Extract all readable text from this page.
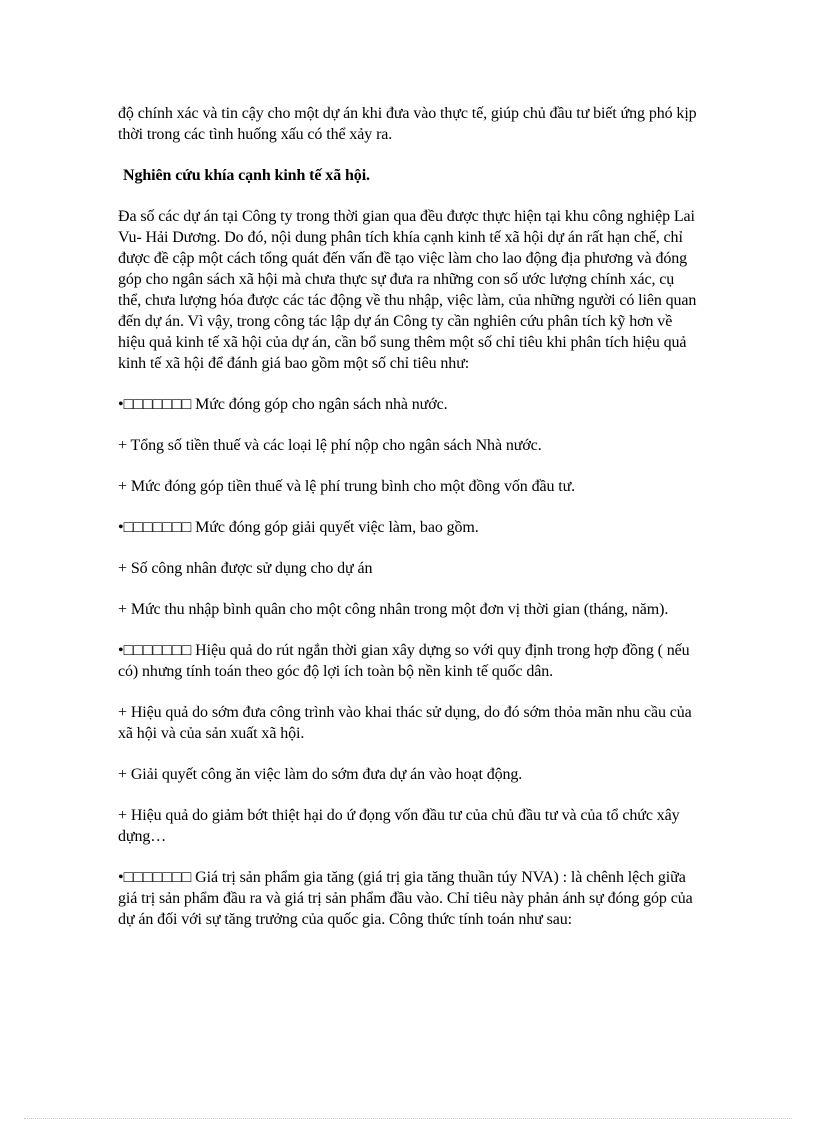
độ chính xác và tin cậy cho một dự án khi đưa vào thực tế, giúp chủ đầu tư biết ứng phó kịp thời trong các tình huống xấu có thể xảy ra.

Nghiên cứu khía cạnh kinh tế xã hội.

Đa số các dự án tại Công ty trong thời gian qua đều được thực hiện tại khu công nghiệp Lai Vu- Hải Dương. Do đó, nội dung phân tích khía cạnh kinh tế xã hội dự án rất hạn chế, chỉ được đề cập một cách tổng quát đến vấn đề tạo việc làm cho lao động địa phương và đóng góp cho ngân sách xã hội mà chưa thực sự đưa ra những con số ước lượng chính xác, cụ thể, chưa lượng hóa được các tác động về thu nhập, việc làm, của những người có liên quan đến dự án. Vì vậy, trong công tác lập dự án Công ty cần nghiên cứu phân tích kỹ hơn về hiệu quả kinh tế xã hội của dự án, cần bổ sung thêm một số chỉ tiêu khi phân tích hiệu quả kinh tế xã hội để đánh giá bao gồm một số chỉ tiêu như:

•□□□□□□□ Mức đóng góp cho ngân sách nhà nước.

+ Tổng số tiền thuế và các loại lệ phí nộp cho ngân sách Nhà nước.

+ Mức đóng góp tiền thuế và lệ phí trung bình cho một đồng vốn đầu tư.

•□□□□□□□ Mức đóng góp giải quyết việc làm, bao gồm.

+ Số công nhân được sử dụng cho dự án

+ Mức thu nhập bình quân cho một công nhân trong một đơn vị thời gian (tháng, năm).

•□□□□□□□ Hiệu quả do rút ngắn thời gian xây dựng so với quy định trong hợp đồng ( nếu có) nhưng tính toán theo góc độ lợi ích toàn bộ nền kinh tế quốc dân.

+ Hiệu quả do sớm đưa công trình vào khai thác sử dụng, do đó sớm thỏa mãn nhu cầu của xã hội và của sản xuất xã hội.

+ Giải quyết công ăn việc làm do sớm đưa dự án vào hoạt động.

+ Hiệu quả do giảm bớt thiệt hại do ứ đọng vốn đầu tư của chủ đầu tư và của tổ chức xây dựng…

•□□□□□□□ Giá trị sản phẩm gia tăng (giá trị gia tăng thuần túy NVA) : là chênh lệch giữa giá trị sản phẩm đầu ra và giá trị sản phẩm đầu vào. Chỉ tiêu này phản ánh sự đóng góp của dự án đối với sự tăng trưởng của quốc gia. Công thức tính toán như sau:
